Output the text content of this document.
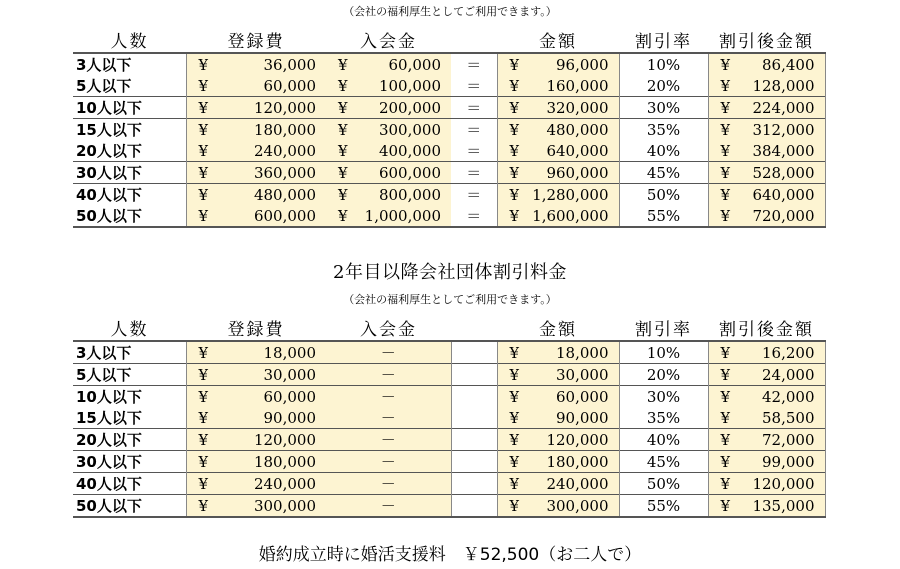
（会社の福利厚生としてご利用できます。）
人数	登録費	入会金		金額	割引率	割引後金額
3人以下	¥ 36,000	¥ 60,000	＝	¥ 96,000	10%	¥ 86,400

5人以下	¥ 60,000	¥ 100,000	＝	¥ 160,000	20%	¥ 128,000

10人以下	¥ 120,000	¥ 200,000	＝	¥ 320,000	30%	¥ 224,000

15人以下	¥ 180,000	¥ 300,000	＝	¥ 480,000	35%	¥ 312,000

20人以下	¥ 240,000	¥ 400,000	＝	¥ 640,000	40%	¥ 384,000

30人以下	¥ 360,000	¥ 600,000	＝	¥ 960,000	45%	¥ 528,000

40人以下	¥ 480,000	¥ 800,000	＝	¥ 1,280,000	50%	¥ 640,000

50人以下	¥ 600,000	¥ 1,000,000	＝	¥ 1,600,000	55%	¥ 720,000
2年目以降会社団体割引料金
（会社の福利厚生としてご利用できます。）
人数	登録費	入会金		金額	割引率	割引後金額
3人以下	¥ 18,000	－		¥ 18,000	10%	¥ 16,200

5人以下	¥ 30,000	－		¥ 30,000	20%	¥ 24,000

10人以下	¥ 60,000	－		¥ 60,000	30%	¥ 42,000

15人以下	¥ 90,000	－		¥ 90,000	35%	¥ 58,500

20人以下	¥ 120,000	－		¥ 120,000	40%	¥ 72,000

30人以下	¥ 180,000	－		¥ 180,000	45%	¥ 99,000

40人以下	¥ 240,000	－		¥ 240,000	50%	¥ 120,000

50人以下	¥ 300,000	－		¥ 300,000	55%	¥ 135,000
婚約成立時に婚活支援料　￥52,500（お二人で）
